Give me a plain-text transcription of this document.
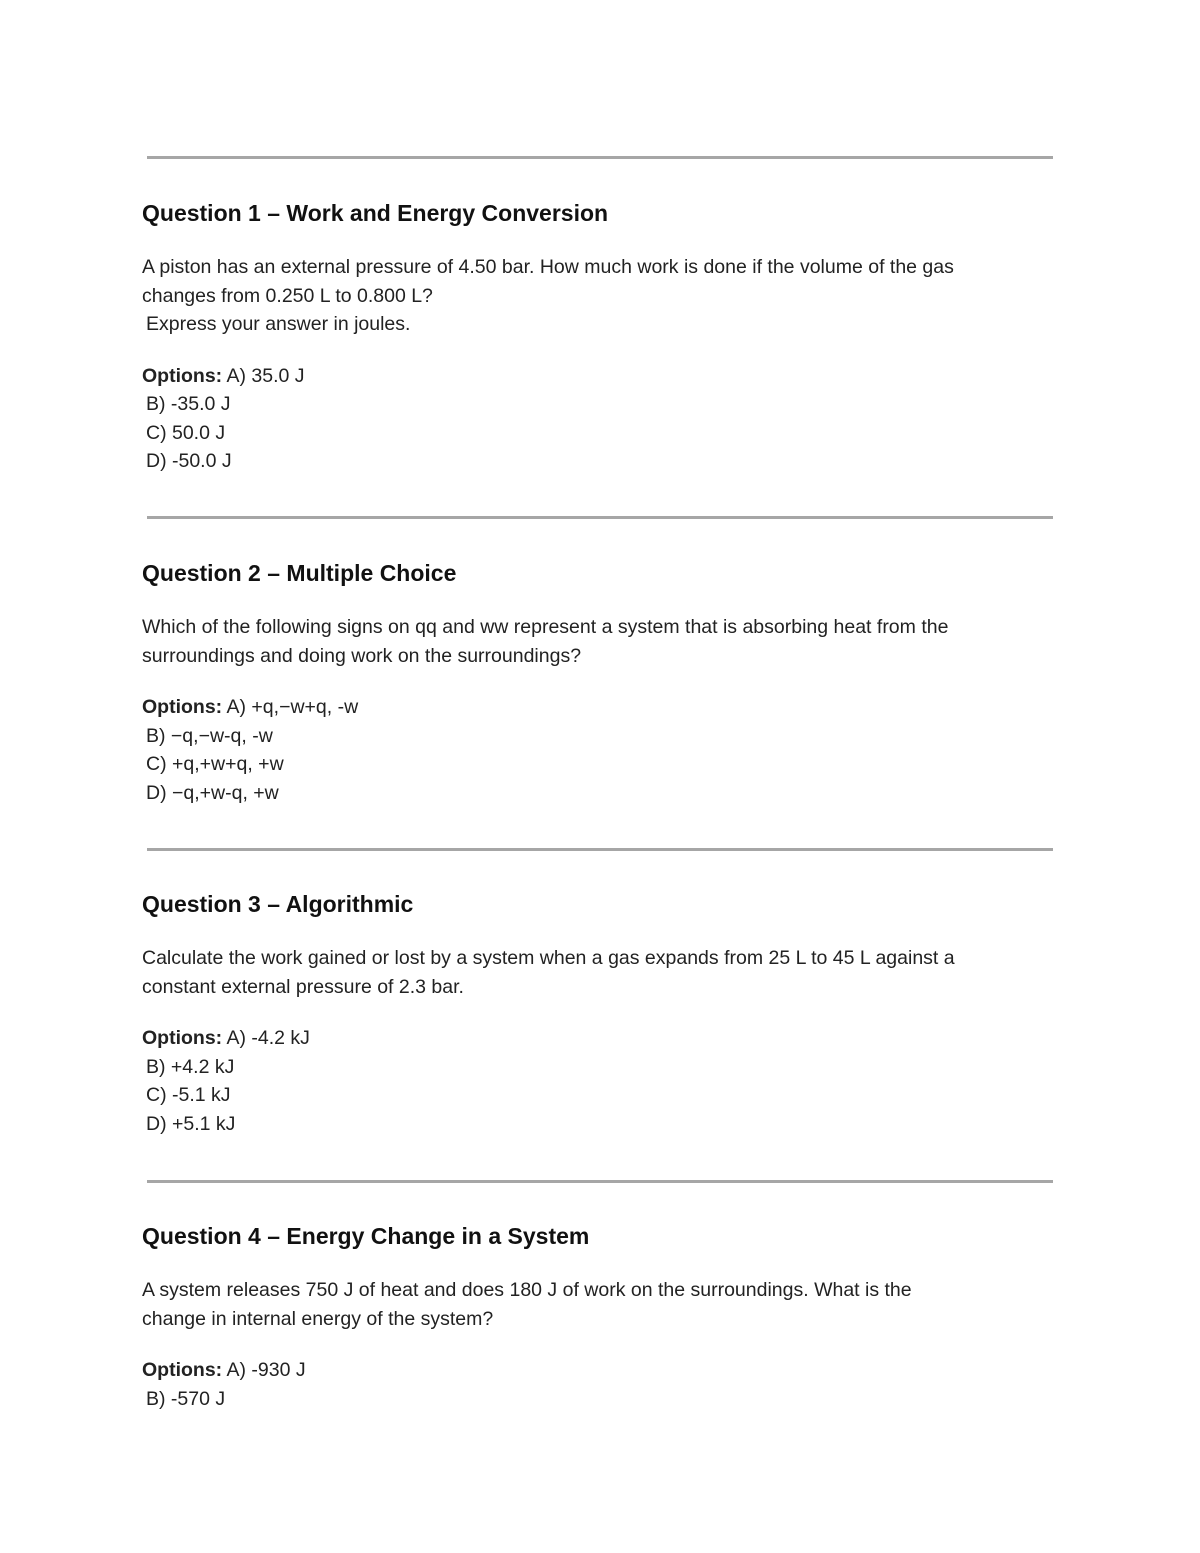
Question 1 – Work and Energy Conversion
A piston has an external pressure of 4.50 bar. How much work is done if the volume of the gas
changes from 0.250 L to 0.800 L?
Express your answer in joules.
Options: A) 35.0 J
B) -35.0 J
C) 50.0 J
D) -50.0 J
Question 2 – Multiple Choice
Which of the following signs on qq and ww represent a system that is absorbing heat from the
surroundings and doing work on the surroundings?
Options: A) +q,−w+q, -w
B) −q,−w-q, -w
C) +q,+w+q, +w
D) −q,+w-q, +w
Question 3 – Algorithmic
Calculate the work gained or lost by a system when a gas expands from 25 L to 45 L against a
constant external pressure of 2.3 bar.
Options: A) -4.2 kJ
B) +4.2 kJ
C) -5.1 kJ
D) +5.1 kJ
Question 4 – Energy Change in a System
A system releases 750 J of heat and does 180 J of work on the surroundings. What is the
change in internal energy of the system?
Options: A) -930 J
B) -570 J
